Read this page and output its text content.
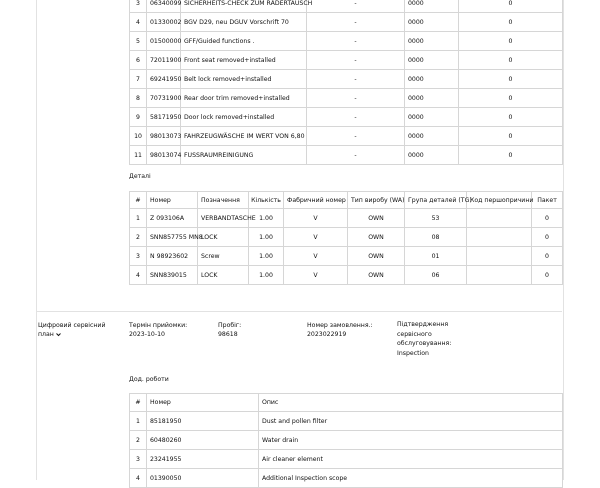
3	06340099	SICHERHEITS-CHECK ZUM RÄDERTAUSCH	-	0000	0
4	01330002	BGV D29, neu DGUV Vorschrift 70	-	0000	0
5	01500000	GFF/Guided functions .	-	0000	0
6	72011900	Front seat removed+installed	-	0000	0
7	69241950	Belt lock removed+installed	-	0000	0
8	70731900	Rear door trim removed+installed	-	0000	0
9	58171950	Door lock removed+installed	-	0000	0
10	98013073	FAHRZEUGWÄSCHE IM WERT VON 6,80	-	0000	0
11	98013074	FUSSRAUMREINIGUNG	-	0000	0
Деталі
#	Номер	Позначення	Кількість	Фабричний номер	Тип виробу (WA)	Група деталей (TG)	Код першопричини	Пакет
1	Z 093106A	VERBANDTASCHE	1.00	V	OWN	53		0
2	SNN857755 MN8	LOCK	1.00	V	OWN	08		0
3	N 98923602	Screw	1.00	V	OWN	01		0
4	SNN839015	LOCK	1.00	V	OWN	06		0
Цифровий сервісний план
Термін прийомки:
2023-10-10
Пробіг:
98618
Номер замовлення.:
2023022919
Підтвердження сервісного обслуговування:
Inspection
Дод. роботи
#	Номер	Опис
1	85181950	Dust and pollen filter
2	60480260	Water drain
3	23241955	Air cleaner element
4	01390050	Additional Inspection scope
